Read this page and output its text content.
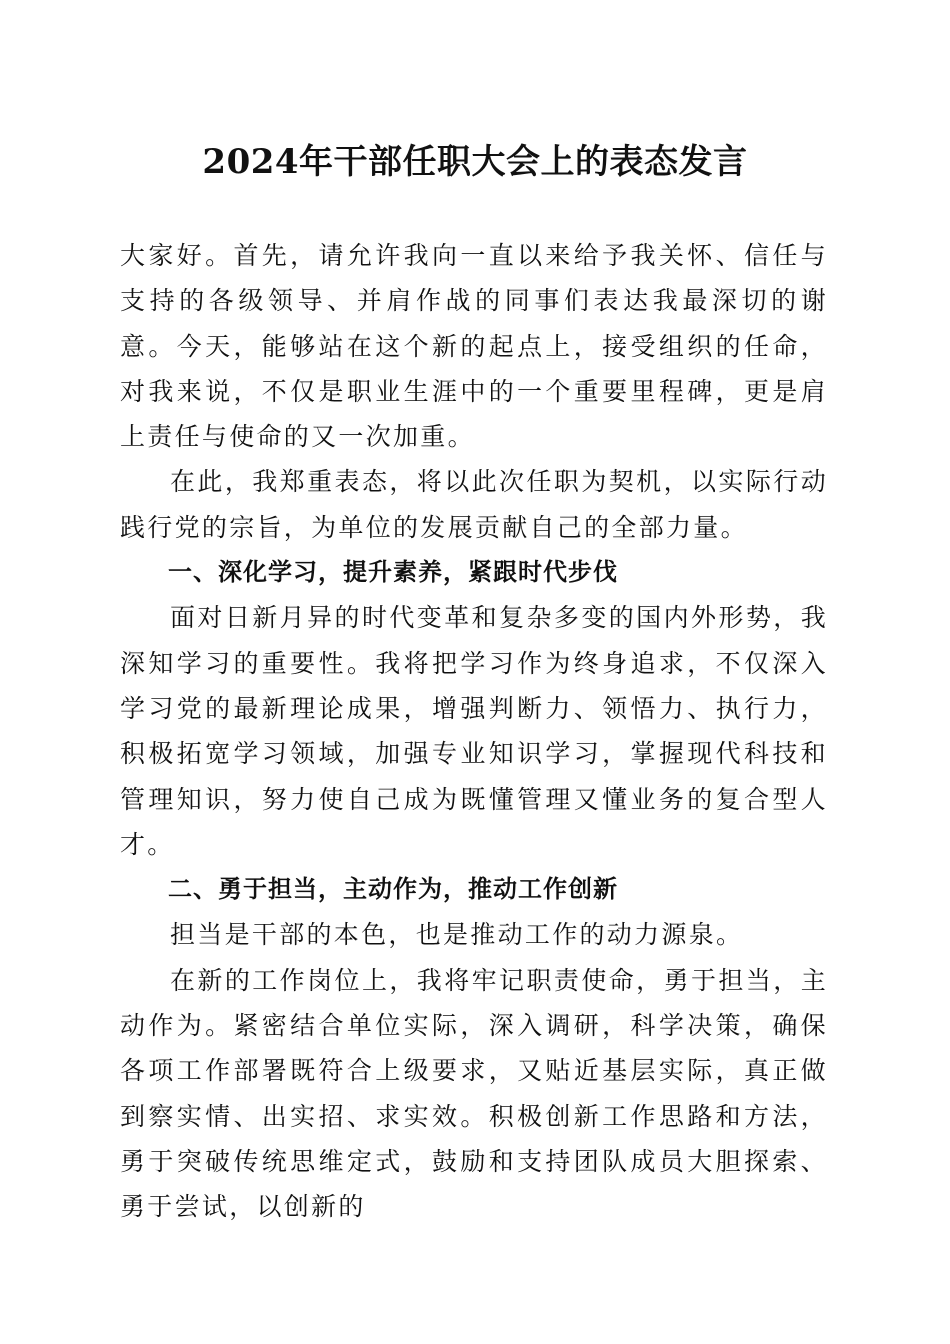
2024年干部任职大会上的表态发言

大家好。首先，请允许我向一直以来给予我关怀、信任与支持的各级领导、并肩作战的同事们表达我最深切的谢意。今天，能够站在这个新的起点上，接受组织的任命，对我来说，不仅是职业生涯中的一个重要里程碑，更是肩上责任与使命的又一次加重。

在此，我郑重表态，将以此次任职为契机，以实际行动践行党的宗旨，为单位的发展贡献自己的全部力量。

一、深化学习，提升素养，紧跟时代步伐

面对日新月异的时代变革和复杂多变的国内外形势，我深知学习的重要性。我将把学习作为终身追求，不仅深入学习党的最新理论成果，增强判断力、领悟力、执行力，积极拓宽学习领域，加强专业知识学习，掌握现代科技和管理知识，努力使自己成为既懂管理又懂业务的复合型人才。

二、勇于担当，主动作为，推动工作创新

担当是干部的本色，也是推动工作的动力源泉。

在新的工作岗位上，我将牢记职责使命，勇于担当，主动作为。紧密结合单位实际，深入调研，科学决策，确保各项工作部署既符合上级要求，又贴近基层实际，真正做到察实情、出实招、求实效。积极创新工作思路和方法，勇于突破传统思维定式，鼓励和支持团队成员大胆探索、勇于尝试，以创新的
